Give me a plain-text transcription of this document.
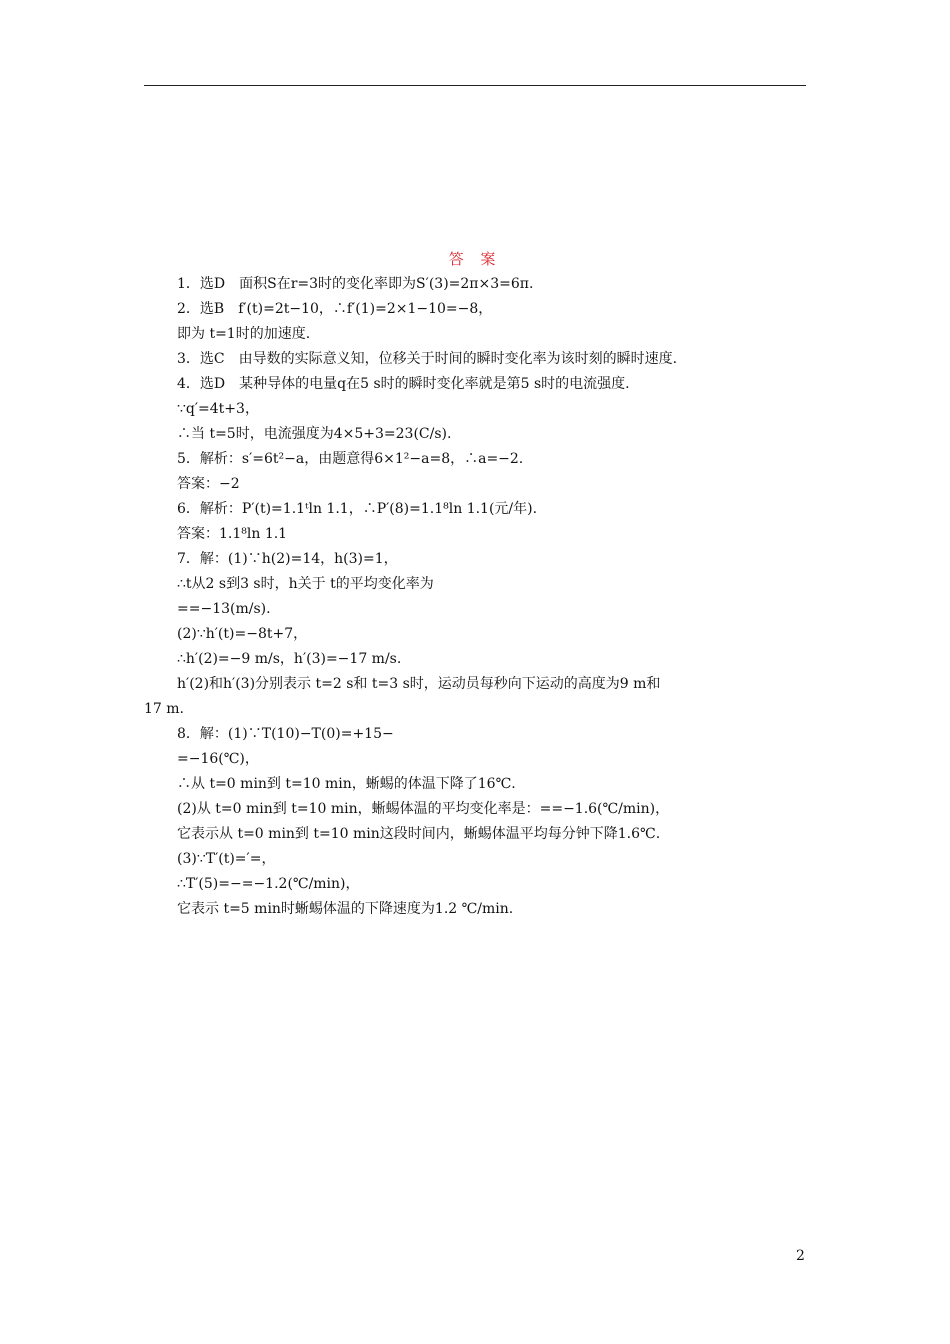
答 案
1．选D　面积S在r=3时的变化率即为S′(3)=2π×3=6π.
2．选B　f′(t)=2t−10，∴f′(1)=2×1−10=−8，
即为 t=1时的加速度.
3．选C　由导数的实际意义知，位移关于时间的瞬时变化率为该时刻的瞬时速度.
4．选D　某种导体的电量q在5 s时的瞬时变化率就是第5 s时的电流强度.
∵q′=4t+3，
∴当 t=5时，电流强度为4×5+3=23(C/s).
5．解析：s′=6t²−a，由题意得6×1²−a=8，∴a=−2.
答案：−2
6．解析：P′(t)=1.1ᵗln 1.1，∴P′(8)=1.1⁸ln 1.1(元/年).
答案：1.1⁸ln 1.1
7．解：(1)∵h(2)=14，h(3)=1，
∴t从2 s到3 s时，h关于 t的平均变化率为
==−13(m/s).
(2)∵h′(t)=−8t+7，
∴h′(2)=−9 m/s，h′(3)=−17 m/s.
h′(2)和h′(3)分别表示 t=2 s和 t=3 s时，运动员每秒向下运动的高度为9 m和
17 m.
8．解：(1)∵T(10)−T(0)=+15−
=−16(℃)，
∴从 t=0 min到 t=10 min，蜥蜴的体温下降了16℃.
(2)从 t=0 min到 t=10 min，蜥蜴体温的平均变化率是：==−1.6(℃/min)，
它表示从 t=0 min到 t=10 min这段时间内，蜥蜴体温平均每分钟下降1.6℃.
(3)∵T′(t)=′=，
∴T′(5)=−=−1.2(℃/min)，
它表示 t=5 min时蜥蜴体温的下降速度为1.2 ℃/min.
2
